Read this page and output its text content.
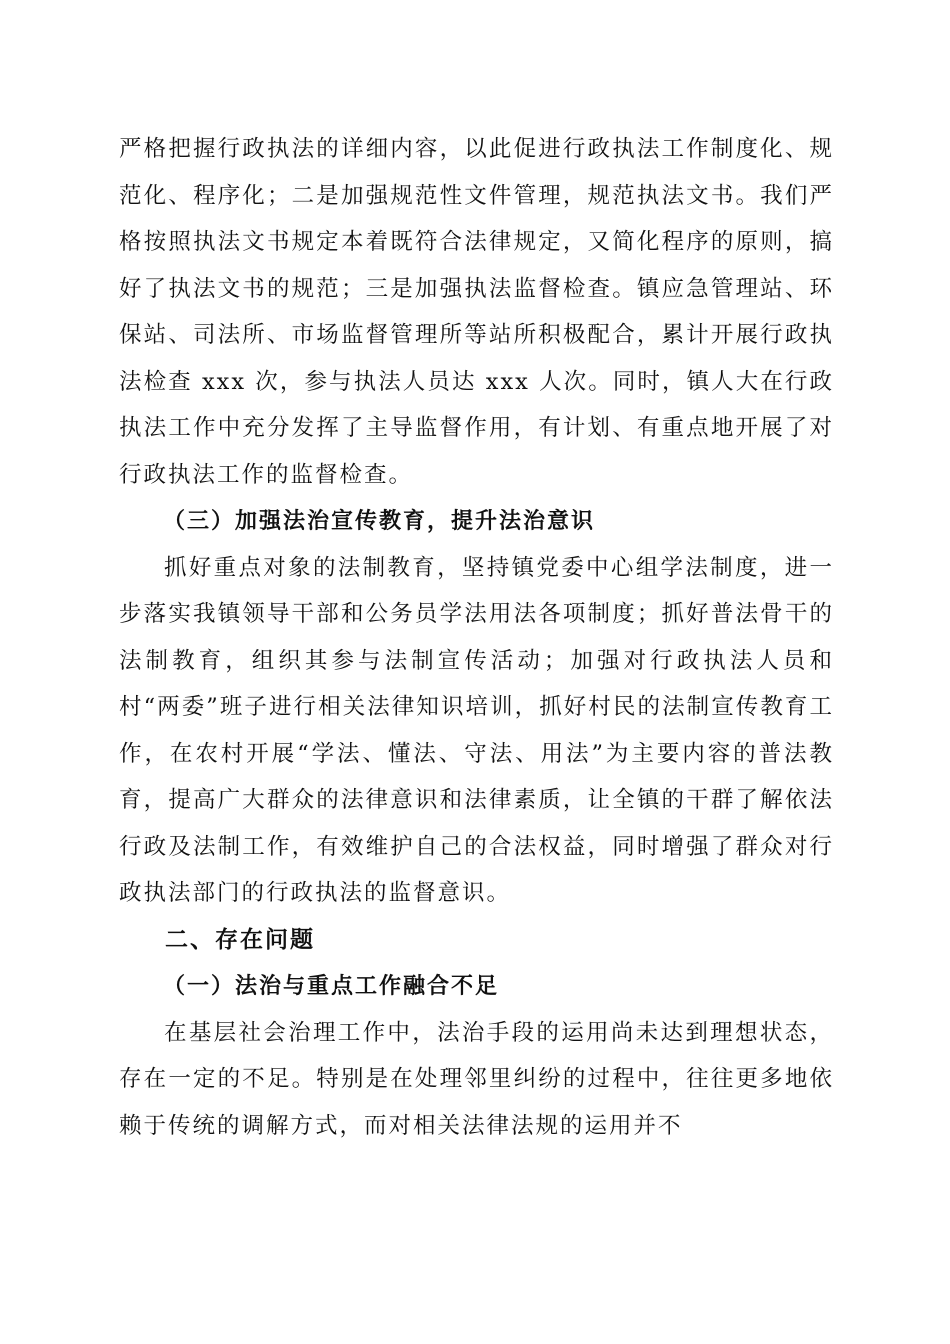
严格把握行政执法的详细内容，以此促进行政执法工作制度化、规范化、程序化；二是加强规范性文件管理，规范执法文书。我们严格按照执法文书规定本着既符合法律规定，又简化程序的原则，搞好了执法文书的规范；三是加强执法监督检查。镇应急管理站、环保站、司法所、市场监督管理所等站所积极配合，累计开展行政执法检查 xxx 次，参与执法人员达 xxx 人次。同时，镇人大在行政执法工作中充分发挥了主导监督作用，有计划、有重点地开展了对行政执法工作的监督检查。

（三）加强法治宣传教育，提升法治意识

抓好重点对象的法制教育，坚持镇党委中心组学法制度，进一步落实我镇领导干部和公务员学法用法各项制度；抓好普法骨干的法制教育，组织其参与法制宣传活动；加强对行政执法人员和村“两委”班子进行相关法律知识培训，抓好村民的法制宣传教育工作，在农村开展“学法、懂法、守法、用法”为主要内容的普法教育，提高广大群众的法律意识和法律素质，让全镇的干群了解依法行政及法制工作，有效维护自己的合法权益，同时增强了群众对行政执法部门的行政执法的监督意识。

二、存在问题

（一）法治与重点工作融合不足

在基层社会治理工作中，法治手段的运用尚未达到理想状态，存在一定的不足。特别是在处理邻里纠纷的过程中，往往更多地依赖于传统的调解方式，而对相关法律法规的运用并不
